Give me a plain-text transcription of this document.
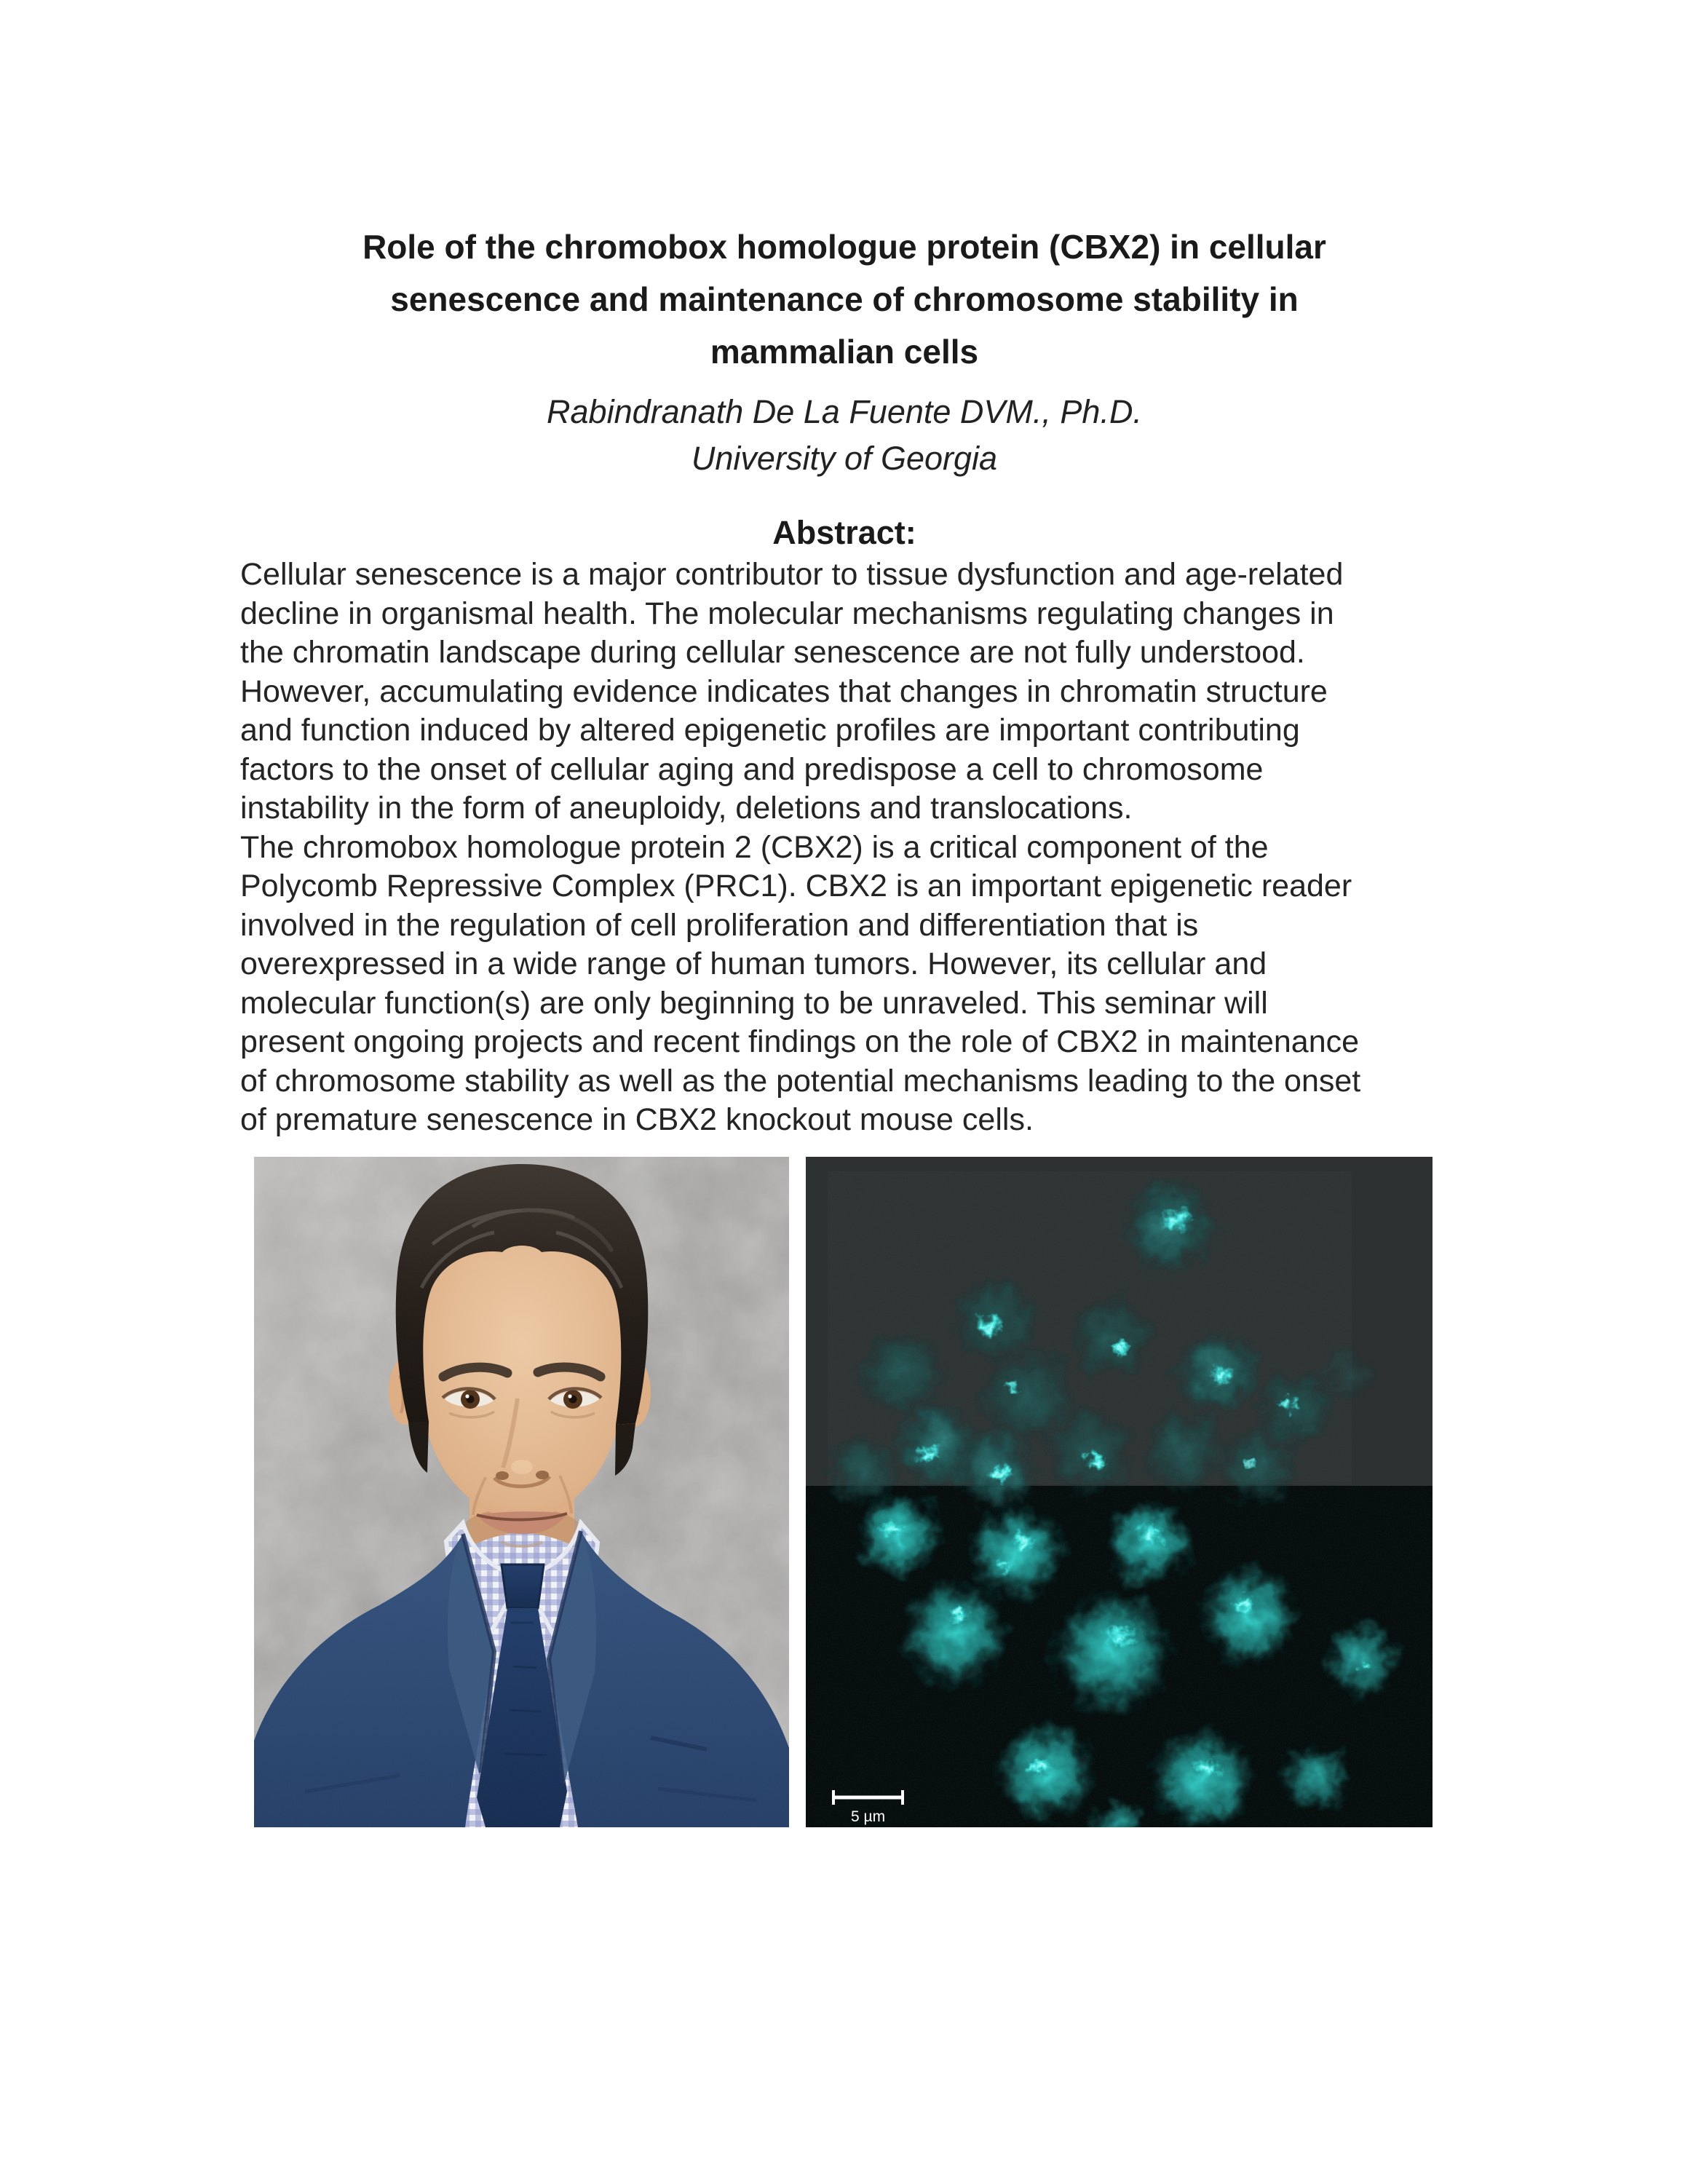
Role of the chromobox homologue protein (CBX2) in cellular
senescence and maintenance of chromosome stability in
mammalian cells
Rabindranath De La Fuente DVM., Ph.D.
University of Georgia
Abstract:
Cellular senescence is a major contributor to tissue dysfunction and age-related
decline in organismal health. The molecular mechanisms regulating changes in
the chromatin landscape during cellular senescence are not fully understood.
However, accumulating evidence indicates that changes in chromatin structure
and function induced by altered epigenetic profiles are important contributing
factors to the onset of cellular aging and predispose a cell to chromosome
instability in the form of aneuploidy, deletions and translocations.
The chromobox homologue protein 2 (CBX2) is a critical component of the
Polycomb Repressive Complex (PRC1). CBX2 is an important epigenetic reader
involved in the regulation of cell proliferation and differentiation that is
overexpressed in a wide range of human tumors. However, its cellular and
molecular function(s) are only beginning to be unraveled. This seminar will
present ongoing projects and recent findings on the role of CBX2 in maintenance
of chromosome stability as well as the potential mechanisms leading to the onset
of premature senescence in CBX2 knockout mouse cells.
5 µm
